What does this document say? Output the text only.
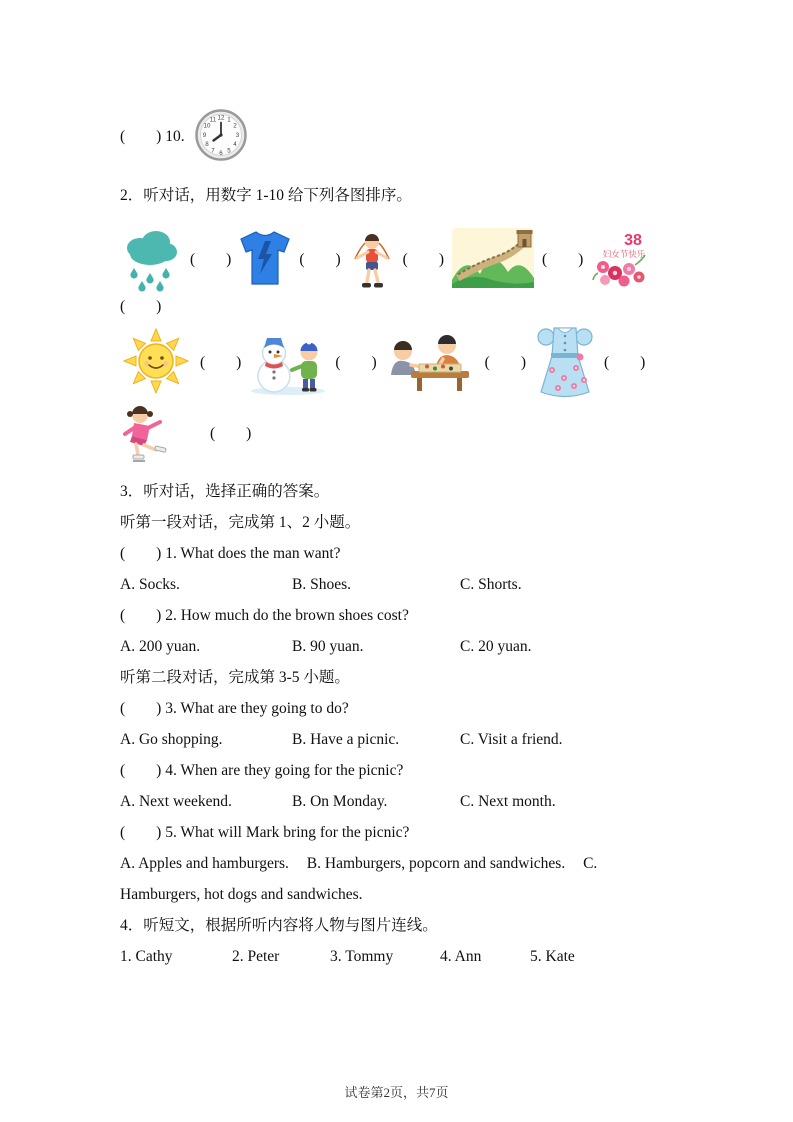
(　　) 10.
12 1
2
3
4
5
6
7
8
9
10
11

2．听对话，用数字 1-10 给下列各图排序。

(　　)	(　　)	(　　)	(　　)
38
妇女节快乐

(　　)

(　　)	(　　)	(　　)	(　　)
(　　)

3．听对话，选择正确的答案。

听第一段对话，完成第 1、2 小题。

(　　) 1. What does the man want?

A. Socks.	B. Shoes.	C. Shorts.

(　　) 2. How much do the brown shoes cost?

A. 200 yuan.	B. 90 yuan.	C. 20 yuan.

听第二段对话，完成第 3-5 小题。

(　　) 3. What are they going to do?

A. Go shopping.	B. Have a picnic.	C. Visit a friend.

(　　) 4. When are they going for the picnic?

A. Next weekend.	B. On Monday.	C. Next month.

(　　) 5. What will Mark bring for the picnic?

A. Apples and hamburgers. B. Hamburgers, popcorn and sandwiches. C. Hamburgers, hot dogs and sandwiches.

4．听短文，根据所听内容将人物与图片连线。

1. Cathy	2. Peter	3. Tommy	4. Ann	5. Kate
试卷第2页，共7页
